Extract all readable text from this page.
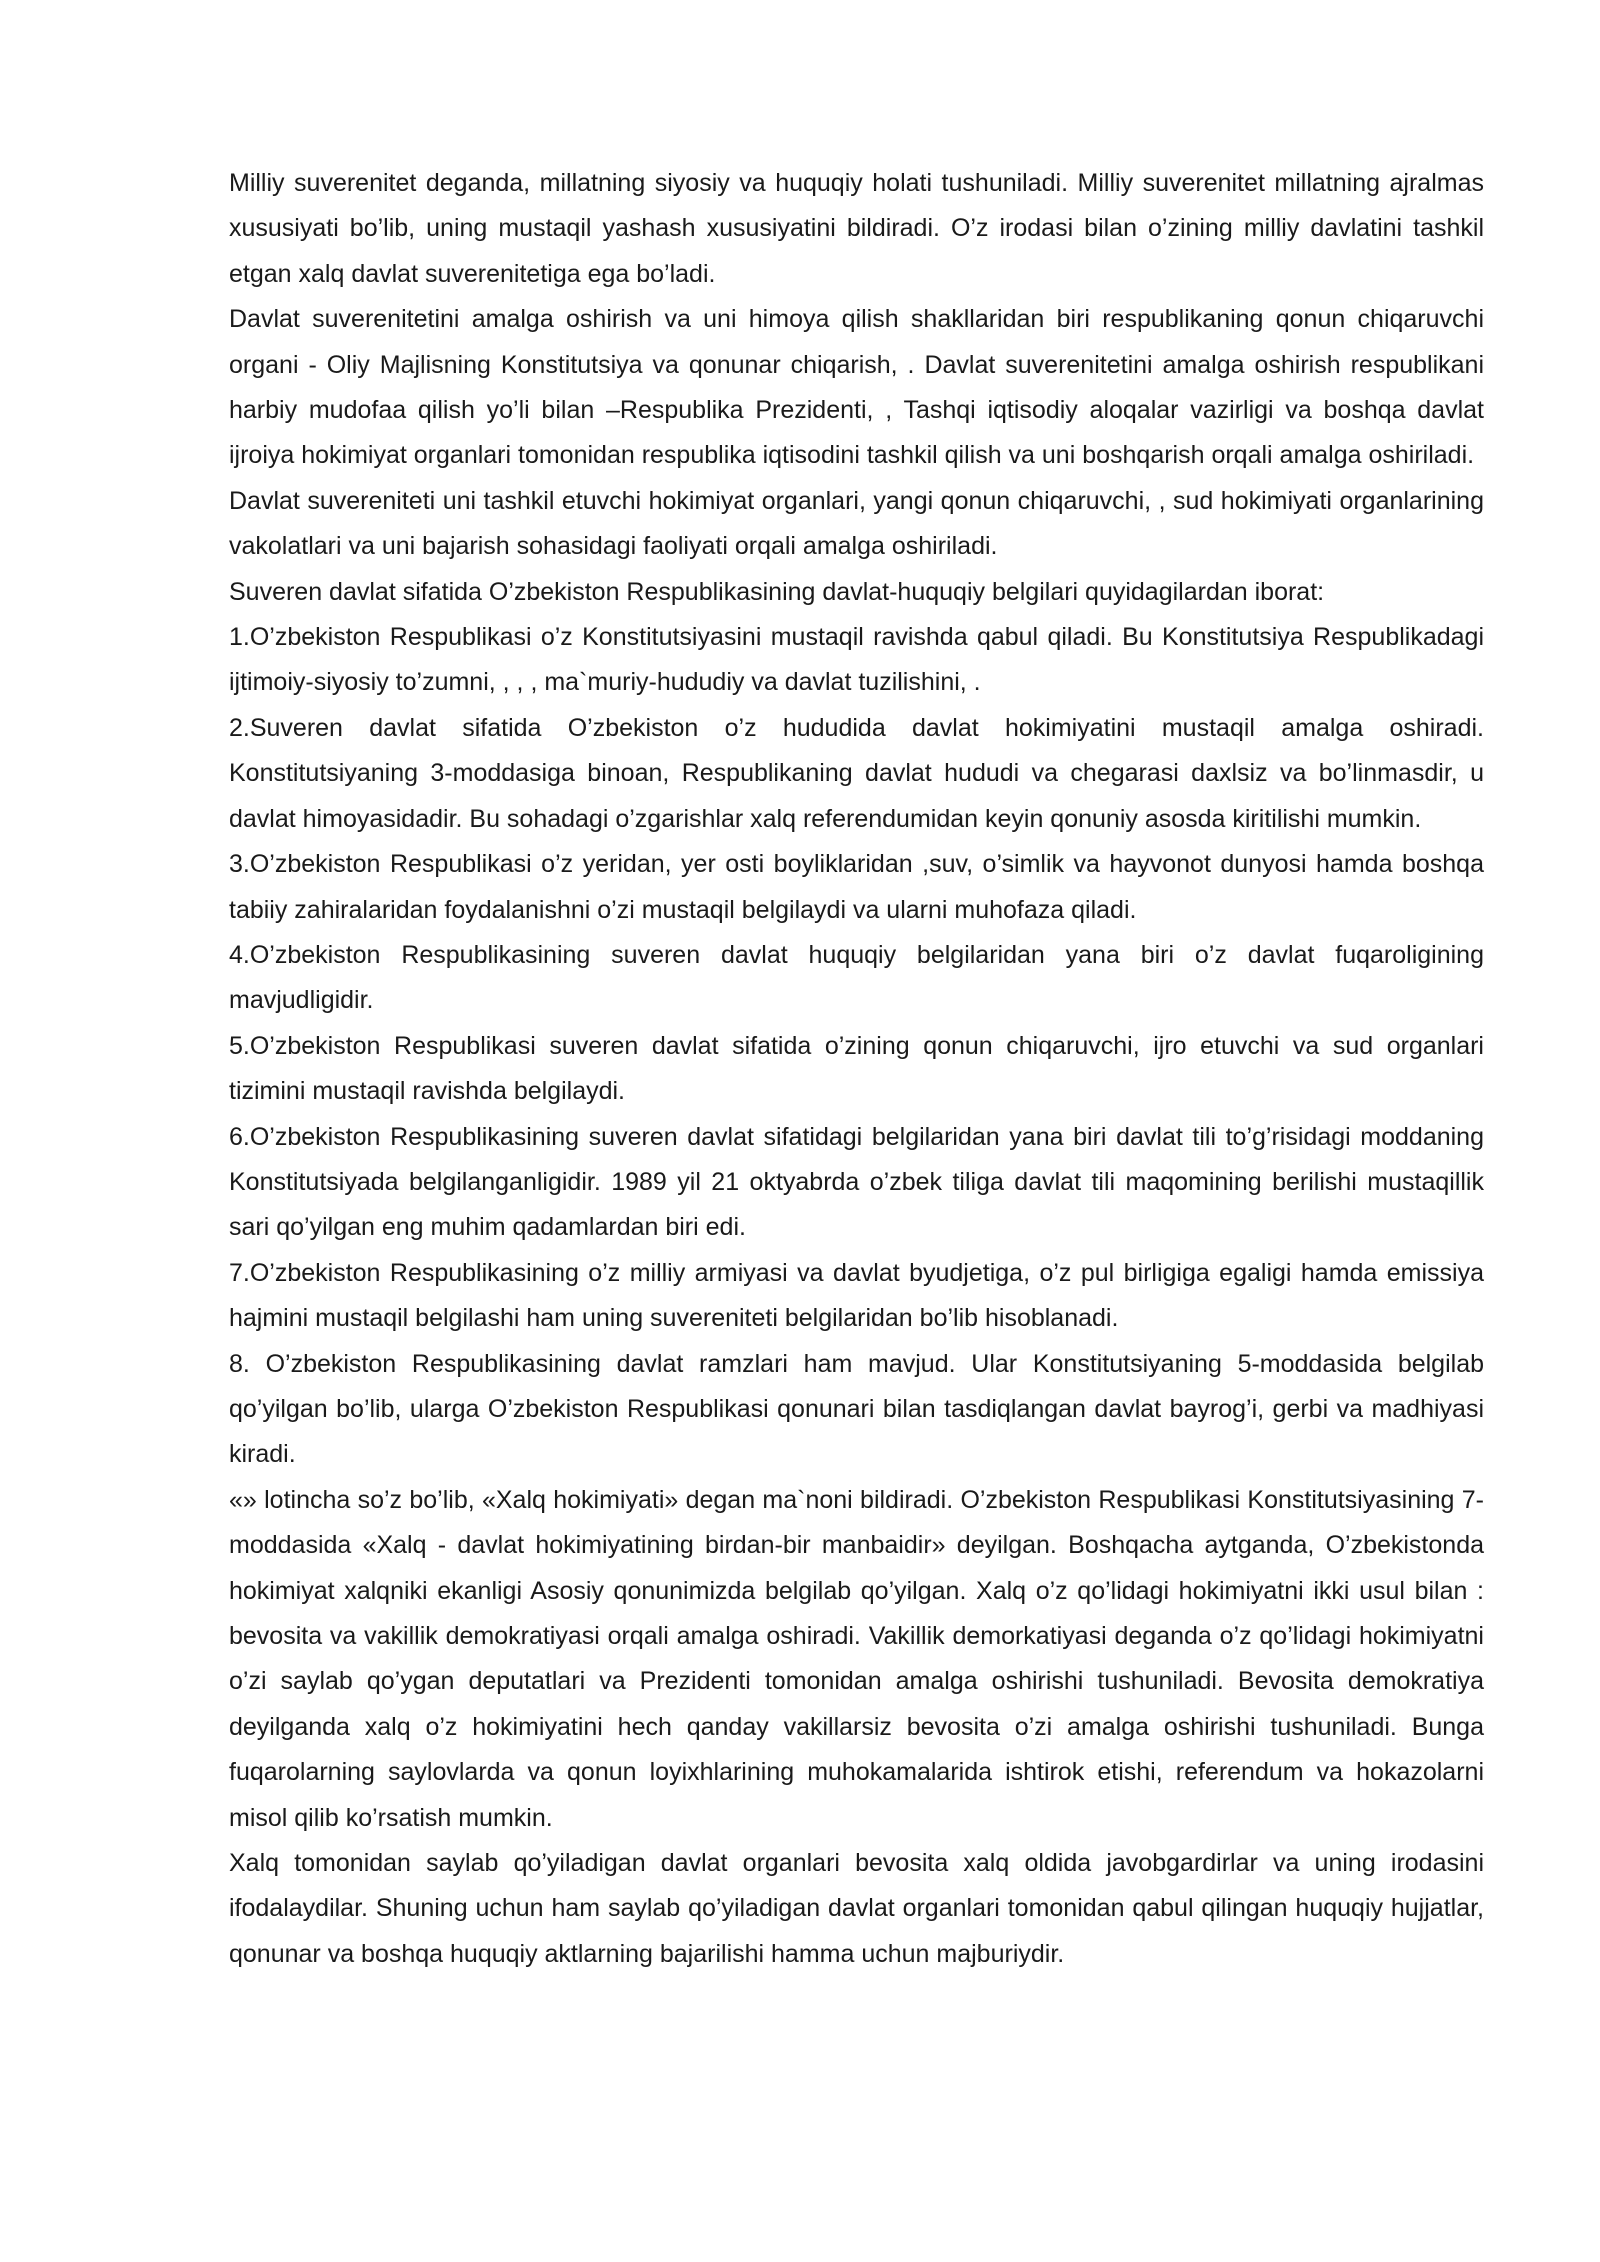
Milliy suverenitet deganda, millatning siyosiy va huquqiy holati tushuniladi. Milliy suverenitet millatning ajralmas xususiyati bo’lib, uning mustaqil yashash xususiyatini bildiradi. O’z irodasi bilan o’zining milliy davlatini tashkil etgan xalq davlat suverenitetiga ega bo’ladi.

Davlat suverenitetini amalga oshirish va uni himoya qilish shakllaridan biri respublikaning qonun chiqaruvchi organi - Oliy Majlisning Konstitutsiya va qonunar chiqarish, . Davlat suverenitetini amalga oshirish respublikani harbiy mudofaa qilish yo’li bilan –Respublika Prezidenti, , Tashqi iqtisodiy aloqalar vazirligi va boshqa davlat ijroiya hokimiyat organlari tomonidan respublika iqtisodini tashkil qilish va uni boshqarish orqali amalga oshiriladi.

Davlat suvereniteti uni tashkil etuvchi hokimiyat organlari, yangi qonun chiqaruvchi, , sud hokimiyati organlarining vakolatlari va uni bajarish sohasidagi faoliyati orqali amalga oshiriladi.

Suveren davlat sifatida O’zbekiston Respublikasining davlat-huquqiy belgilari quyidagilardan iborat:

1.O’zbekiston Respublikasi o’z Konstitutsiyasini mustaqil ravishda qabul qiladi. Bu Konstitutsiya Respublikadagi ijtimoiy-siyosiy to’zumni, , , , ma`muriy-hududiy va davlat tuzilishini, .

2.Suveren davlat sifatida O’zbekiston o’z hududida davlat hokimiyatini mustaqil amalga oshiradi. Konstitutsiyaning 3-moddasiga binoan, Respublikaning davlat hududi va chegarasi daxlsiz va bo’linmasdir, u davlat himoyasidadir. Bu sohadagi o’zgarishlar xalq referendumidan keyin qonuniy asosda kiritilishi mumkin.

3.O’zbekiston Respublikasi o’z yeridan, yer osti boyliklaridan ,suv, o’simlik va hayvonot dunyosi hamda boshqa tabiiy zahiralaridan foydalanishni o’zi mustaqil belgilaydi va ularni muhofaza qiladi.

4.O’zbekiston Respublikasining suveren davlat huquqiy belgilaridan yana biri o’z davlat fuqaroligining mavjudligidir.

5.O’zbekiston Respublikasi suveren davlat sifatida o’zining qonun chiqaruvchi, ijro etuvchi va sud organlari tizimini mustaqil ravishda belgilaydi.

6.O’zbekiston Respublikasining suveren davlat sifatidagi belgilaridan yana biri davlat tili to’g’risidagi moddaning Konstitutsiyada belgilanganligidir. 1989 yil 21 oktyabrda o’zbek tiliga davlat tili maqomining berilishi mustaqillik sari qo’yilgan eng muhim qadamlardan biri edi.

7.O’zbekiston Respublikasining o’z milliy armiyasi va davlat byudjetiga, o’z pul birligiga egaligi hamda emissiya hajmini mustaqil belgilashi ham uning suvereniteti belgilaridan bo’lib hisoblanadi.

8. O’zbekiston Respublikasining davlat ramzlari ham mavjud. Ular Konstitutsiyaning 5-moddasida belgilab qo’yilgan bo’lib, ularga O’zbekiston Respublikasi qonunari bilan tasdiqlangan davlat bayrog’i, gerbi va madhiyasi kiradi.

«» lotincha so’z bo’lib, «Xalq hokimiyati» degan ma`noni bildiradi. O’zbekiston Respublikasi Konstitutsiyasining 7-moddasida «Xalq - davlat hokimiyatining birdan-bir manbaidir» deyilgan. Boshqacha aytganda, O’zbekistonda hokimiyat xalqniki ekanligi Asosiy qonunimizda belgilab qo’yilgan. Xalq o’z qo’lidagi hokimiyatni ikki usul bilan : bevosita va vakillik demokratiyasi orqali amalga oshiradi. Vakillik demorkatiyasi deganda o’z qo’lidagi hokimiyatni o’zi saylab qo’ygan deputatlari va Prezidenti tomonidan amalga oshirishi tushuniladi. Bevosita demokratiya deyilganda xalq o’z hokimiyatini hech qanday vakillarsiz bevosita o’zi amalga oshirishi tushuniladi. Bunga fuqarolarning saylovlarda va qonun loyixhlarining muhokamalarida ishtirok etishi, referendum va hokazolarni misol qilib ko’rsatish mumkin.

Xalq tomonidan saylab qo’yiladigan davlat organlari bevosita xalq oldida javobgardirlar va uning irodasini ifodalaydilar. Shuning uchun ham saylab qo’yiladigan davlat organlari tomonidan qabul qilingan huquqiy hujjatlar, qonunar va boshqa huquqiy aktlarning bajarilishi hamma uchun majburiydir.
